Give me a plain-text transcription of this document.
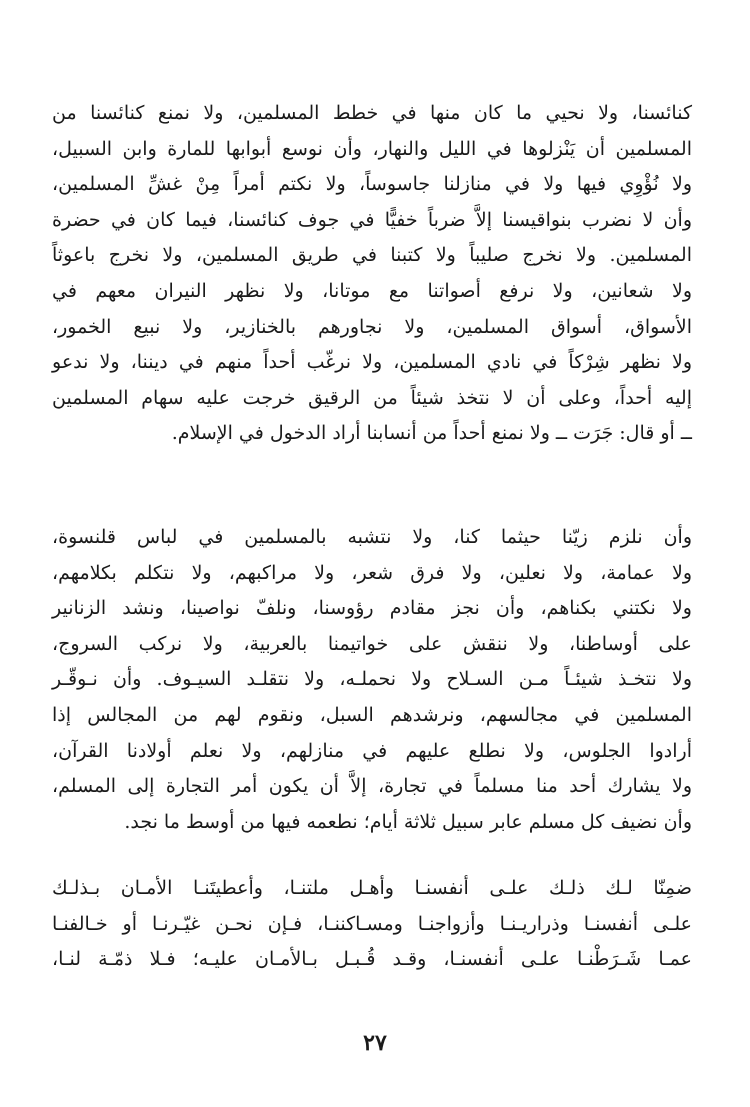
كنائسنا، ولا نحيي ما كان منها في خطط المسلمين، ولا نمنع كنائسنا من
المسلمين أن يَنْزلوها في الليل والنهار، وأن نوسع أبوابها للمارة وابن السبيل،
ولا نُؤْوِي فيها ولا في منازلنا جاسوساً، ولا نكتم أمراً مِنْ غشِّ المسلمين،
وأن لا نضرب بنواقيسنا إلاَّ ضرباً خفيًّا في جوف كنائسنا، فيما كان في حضرة
المسلمين. ولا نخرج صليباً ولا كتبنا في طريق المسلمين، ولا نخرج باعوثاً
ولا شعانين، ولا نرفع أصواتنا مع موتانا، ولا نظهر النيران معهم في
الأسواق، أسواق المسلمين، ولا نجاورهم بالخنازير، ولا نبيع الخمور،
ولا نظهر شِرْكاً في نادي المسلمين، ولا نرغّب أحداً منهم في ديننا، ولا ندعو
إليه أحداً، وعلى أن لا نتخذ شيئاً من الرقيق خرجت عليه سهام المسلمين
ــ أو قال: جَرَت ــ ولا نمنع أحداً من أنسابنا أراد الدخول في الإسلام.
وأن نلزم زيّنا حيثما كنا، ولا نتشبه بالمسلمين في لباس قلنسوة،
ولا عمامة، ولا نعلين، ولا فرق شعر، ولا مراكبهم، ولا نتكلم بكلامهم،
ولا نكتني بكناهم، وأن نجز مقادم رؤوسنا، ونلفّ نواصينا، ونشد الزنانير
على أوساطنا، ولا ننقش على خواتيمنا بالعربية، ولا نركب السروج،
ولا نتخـذ شيئـاً مـن السـلاح ولا نحملـه، ولا نتقلـد السيـوف. وأن نـوقّـر
المسلمين في مجالسهم، ونرشدهم السبل، ونقوم لهم من المجالس إذا
أرادوا الجلوس، ولا نطلع عليهم في منازلهم، ولا نعلم أولادنا القرآن،
ولا يشارك أحد منا مسلماً في تجارة، إلاَّ أن يكون أمر التجارة إلى المسلم،
وأن نضيف كل مسلم عابر سبيل ثلاثة أيام؛ نطعمه فيها من أوسط ما نجد.
ضمِنّا لـك ذلـك علـى أنفسنـا وأهـل ملتنـا، وأعطيتَنـا الأمـان بـذلـك
علـى أنفسنـا وذراريـنـا وأزواجنـا ومسـاكننـا، فـإن نحـن غيّـرنـا أو خـالفنـا
عمـا شَـرَطْنـا علـى أنفسنـا، وقـد قُـبـل بـالأمـان عليـه؛ فـلا ذمّـة لنـا،
٢٧
